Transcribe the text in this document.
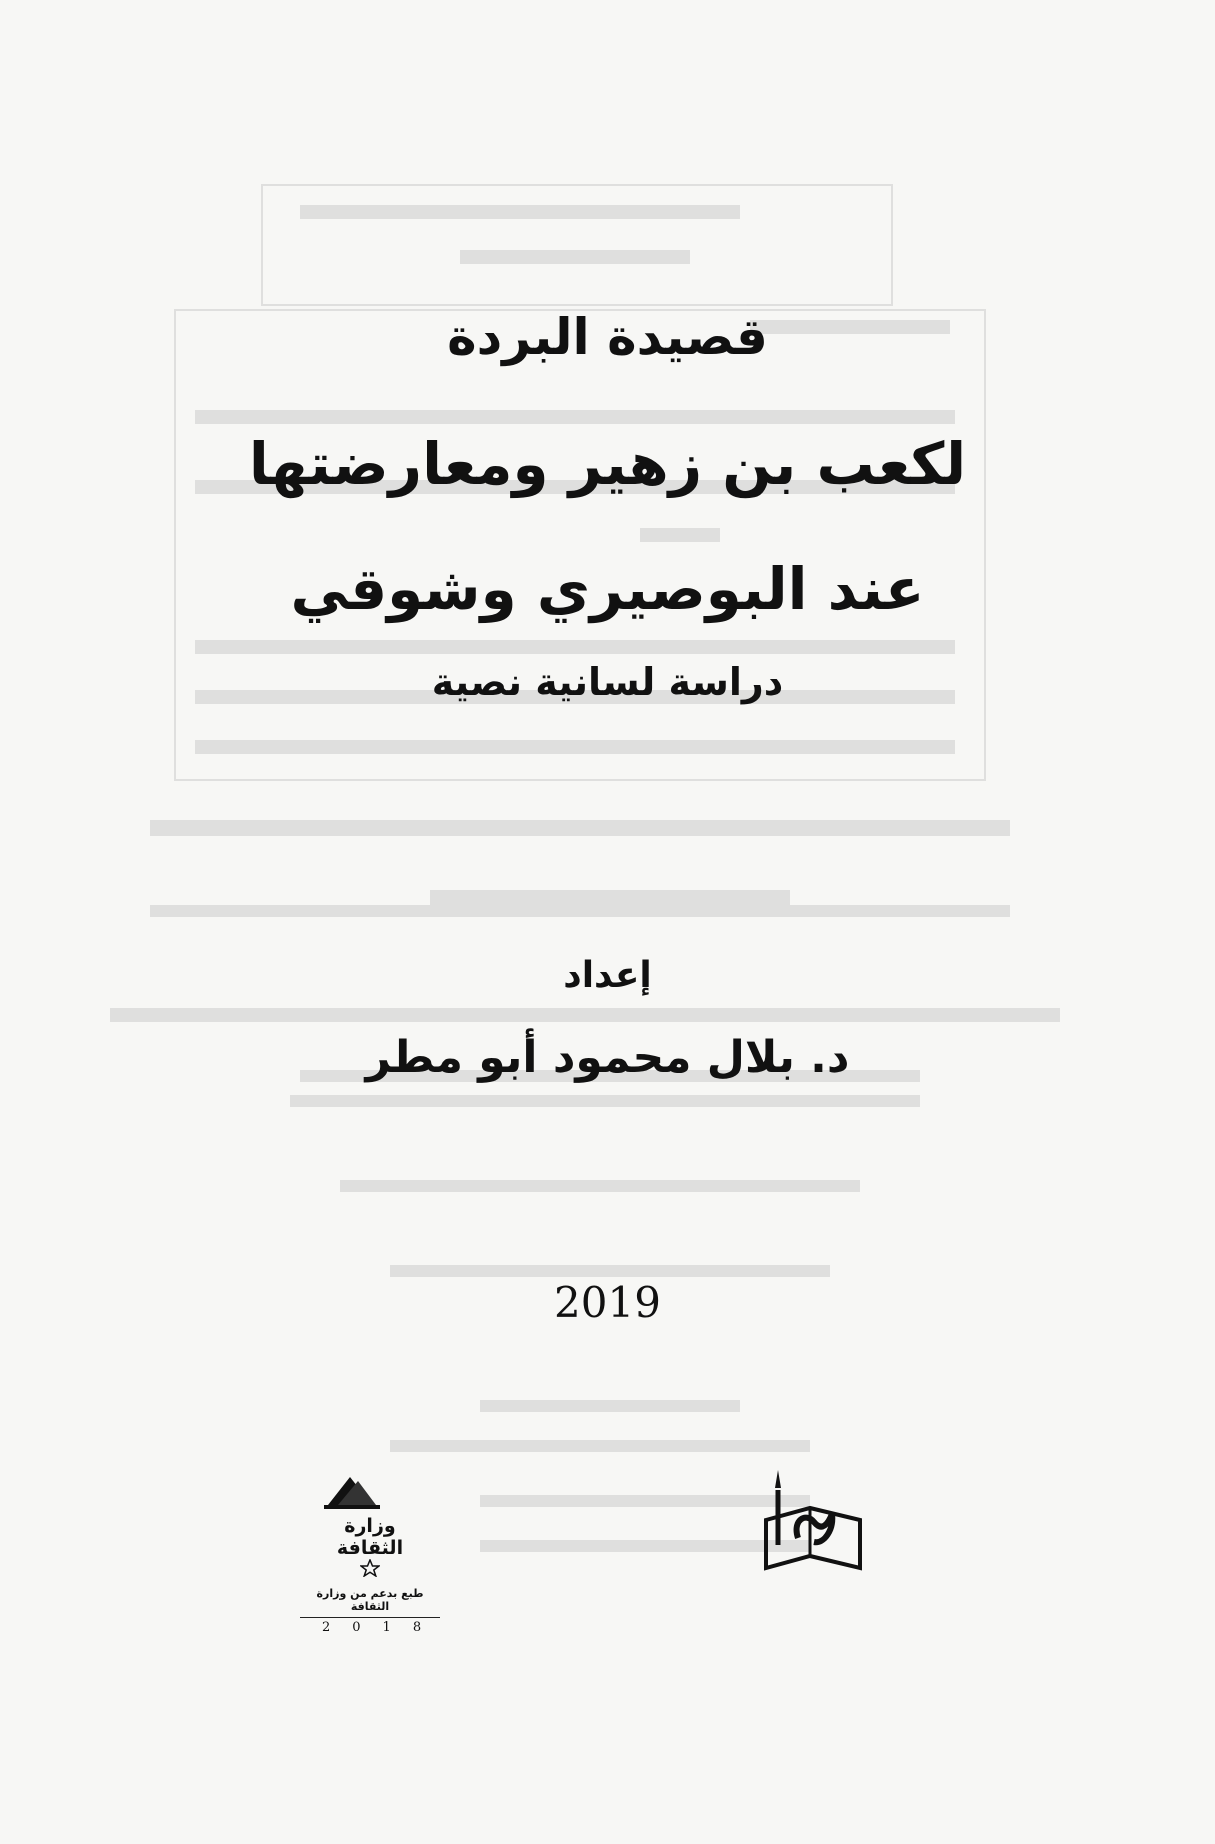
قصيدة البردة
لكعب بن زهير ومعارضتها
عند البوصيري وشوقي
دراسة لسانية نصية
إعداد
د. بلال محمود أبو مطر
2019
وزارة
الثقافة
طبع بدعم من وزارة الثقافة
2018
